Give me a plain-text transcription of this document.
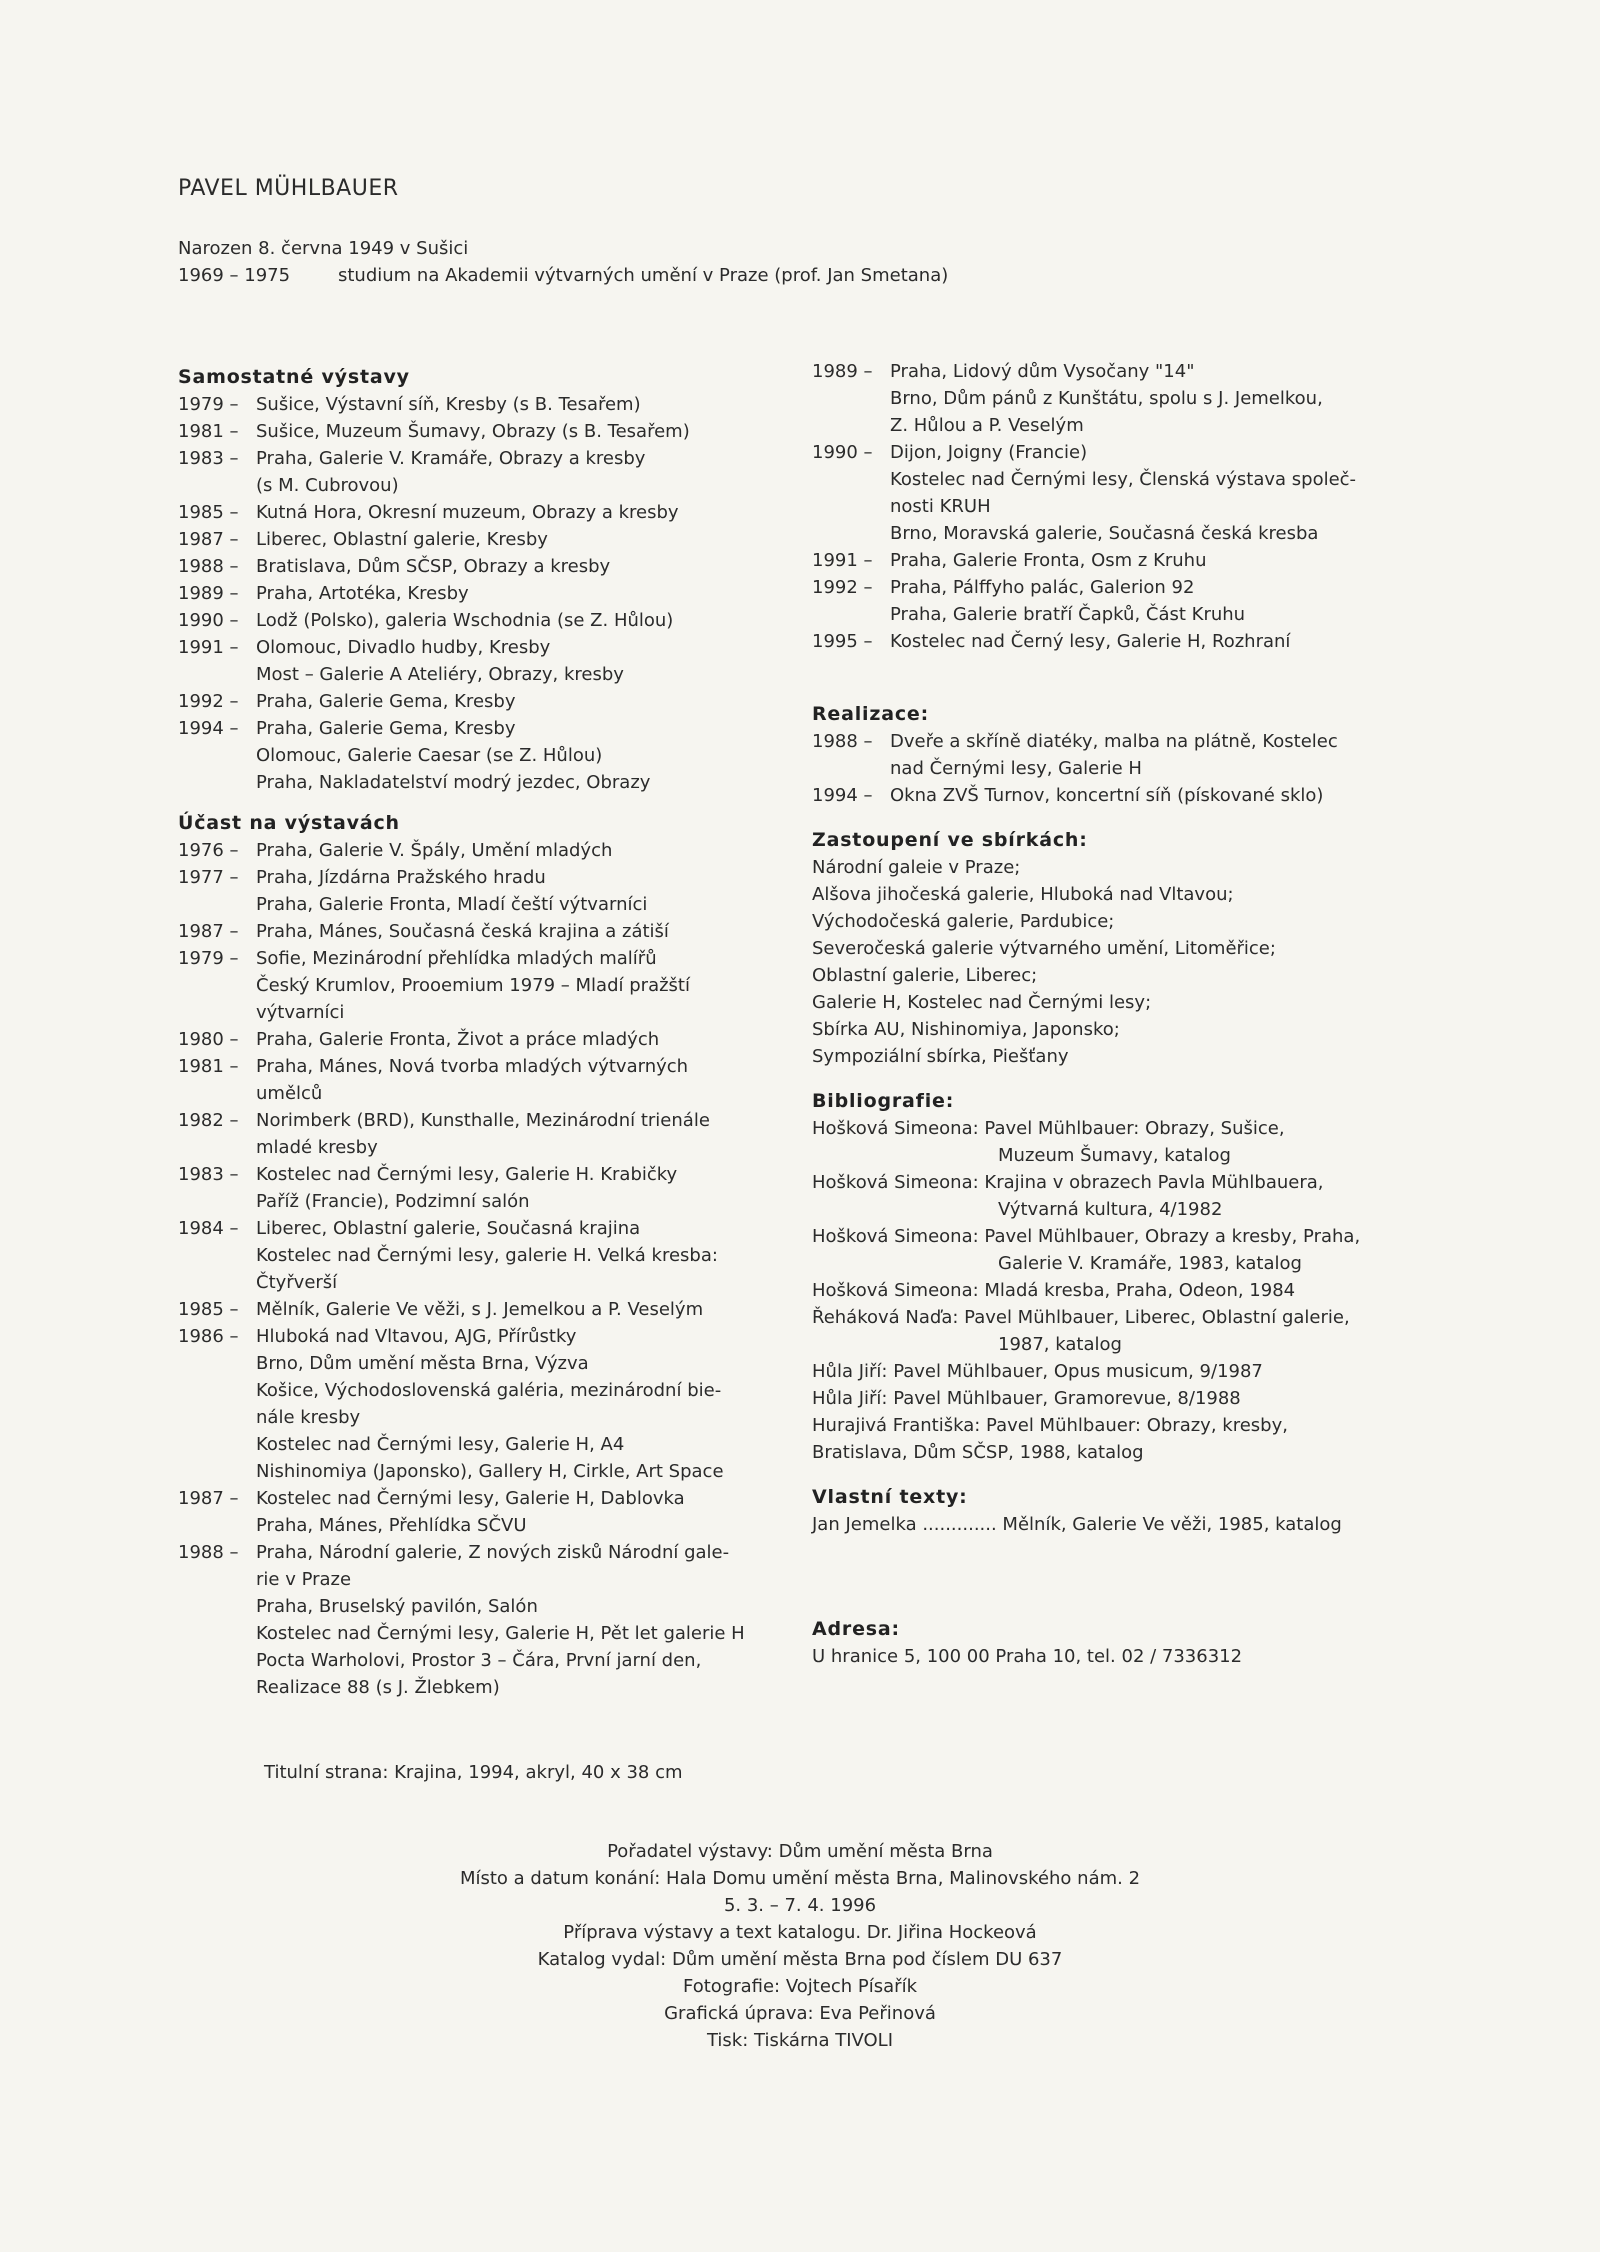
PAVEL MÜHLBAUER
Narozen 8. června 1949 v Sušici
1969 – 1975	studium na Akademii výtvarných umění v Praze (prof. Jan Smetana)
Samostatné výstavy
1979 – Sušice, Výstavní síň, Kresby (s B. Tesařem)
1981 – Sušice, Muzeum Šumavy, Obrazy (s B. Tesařem)
1983 – Praha, Galerie V. Kramáře, Obrazy a kresby
(s M. Cubrovou)
1985 – Kutná Hora, Okresní muzeum, Obrazy a kresby
1987 – Liberec, Oblastní galerie, Kresby
1988 – Bratislava, Dům SČSP, Obrazy a kresby
1989 – Praha, Artotéka, Kresby
1990 – Lodž (Polsko), galeria Wschodnia (se Z. Hůlou)
1991 – Olomouc, Divadlo hudby, Kresby
Most – Galerie A Ateliéry, Obrazy, kresby
1992 – Praha, Galerie Gema, Kresby
1994 – Praha, Galerie Gema, Kresby
Olomouc, Galerie Caesar (se Z. Hůlou)
Praha, Nakladatelství modrý jezdec, Obrazy
Účast na výstavách
1976 – Praha, Galerie V. Špály, Umění mladých
1977 – Praha, Jízdárna Pražského hradu
Praha, Galerie Fronta, Mladí čeští výtvarníci
1987 – Praha, Mánes, Současná česká krajina a zátiší
1979 – Sofie, Mezinárodní přehlídka mladých malířů
Český Krumlov, Prooemium 1979 – Mladí pražští
výtvarníci
1980 – Praha, Galerie Fronta, Život a práce mladých
1981 – Praha, Mánes, Nová tvorba mladých výtvarných
umělců
1982 – Norimberk (BRD), Kunsthalle, Mezinárodní trienále
mladé kresby
1983 – Kostelec nad Černými lesy, Galerie H. Krabičky
Paříž (Francie), Podzimní salón
1984 – Liberec, Oblastní galerie, Současná krajina
Kostelec nad Černými lesy, galerie H. Velká kresba:
Čtyřverší
1985 – Mělník, Galerie Ve věži, s J. Jemelkou a P. Veselým
1986 – Hluboká nad Vltavou, AJG, Přírůstky
Brno, Dům umění města Brna, Výzva
Košice, Východoslovenská galéria, mezinárodní bie-
nále kresby
Kostelec nad Černými lesy, Galerie H, A4
Nishinomiya (Japonsko), Gallery H, Cirkle, Art Space
1987 – Kostelec nad Černými lesy, Galerie H, Dablovka
Praha, Mánes, Přehlídka SČVU
1988 – Praha, Národní galerie, Z nových zisků Národní gale-
rie v Praze
Praha, Bruselský pavilón, Salón
Kostelec nad Černými lesy, Galerie H, Pět let galerie H
Pocta Warholovi, Prostor 3 – Čára, První jarní den,
Realizace 88 (s J. Žlebkem)
1989 – Praha, Lidový dům Vysočany "14"
Brno, Dům pánů z Kunštátu, spolu s J. Jemelkou,
Z. Hůlou a P. Veselým
1990 – Dijon, Joigny (Francie)
Kostelec nad Černými lesy, Členská výstava společ-
nosti KRUH
Brno, Moravská galerie, Současná česká kresba
1991 – Praha, Galerie Fronta, Osm z Kruhu
1992 – Praha, Pálffyho palác, Galerion 92
Praha, Galerie bratří Čapků, Část Kruhu
1995 – Kostelec nad Černý lesy, Galerie H, Rozhraní
Realizace:
1988 – Dveře a skříně diatéky, malba na plátně, Kostelec
nad Černými lesy, Galerie H
1994 – Okna ZVŠ Turnov, koncertní síň (pískované sklo)
Zastoupení ve sbírkách:
Národní galeie v Praze;
Alšova jihočeská galerie, Hluboká nad Vltavou;
Východočeská galerie, Pardubice;
Severočeská galerie výtvarného umění, Litoměřice;
Oblastní galerie, Liberec;
Galerie H, Kostelec nad Černými lesy;
Sbírka AU, Nishinomiya, Japonsko;
Sympoziální sbírka, Piešťany
Bibliografie:
Hošková Simeona: Pavel Mühlbauer: Obrazy, Sušice,
Muzeum Šumavy, katalog
Hošková Simeona: Krajina v obrazech Pavla Mühlbauera,
Výtvarná kultura, 4/1982
Hošková Simeona: Pavel Mühlbauer, Obrazy a kresby, Praha,
Galerie V. Kramáře, 1983, katalog
Hošková Simeona: Mladá kresba, Praha, Odeon, 1984
Řeháková Naďa: Pavel Mühlbauer, Liberec, Oblastní galerie,
1987, katalog
Hůla Jiří: Pavel Mühlbauer, Opus musicum, 9/1987
Hůla Jiří: Pavel Mühlbauer, Gramorevue, 8/1988
Hurajivá Františka: Pavel Mühlbauer: Obrazy, kresby,
Bratislava, Dům SČSP, 1988, katalog
Vlastní texty:
Jan Jemelka ............. Mělník, Galerie Ve věži, 1985, katalog
Adresa:
U hranice 5, 100 00 Praha 10, tel. 02 / 7336312
Titulní strana: Krajina, 1994, akryl, 40 x 38 cm
Pořadatel výstavy: Dům umění města Brna
Místo a datum konání: Hala Domu umění města Brna, Malinovského nám. 2
5. 3. – 7. 4. 1996
Příprava výstavy a text katalogu. Dr. Jiřina Hockeová
Katalog vydal: Dům umění města Brna pod číslem DU 637
Fotografie: Vojtech Písařík
Grafická úprava: Eva Peřinová
Tisk: Tiskárna TIVOLI
